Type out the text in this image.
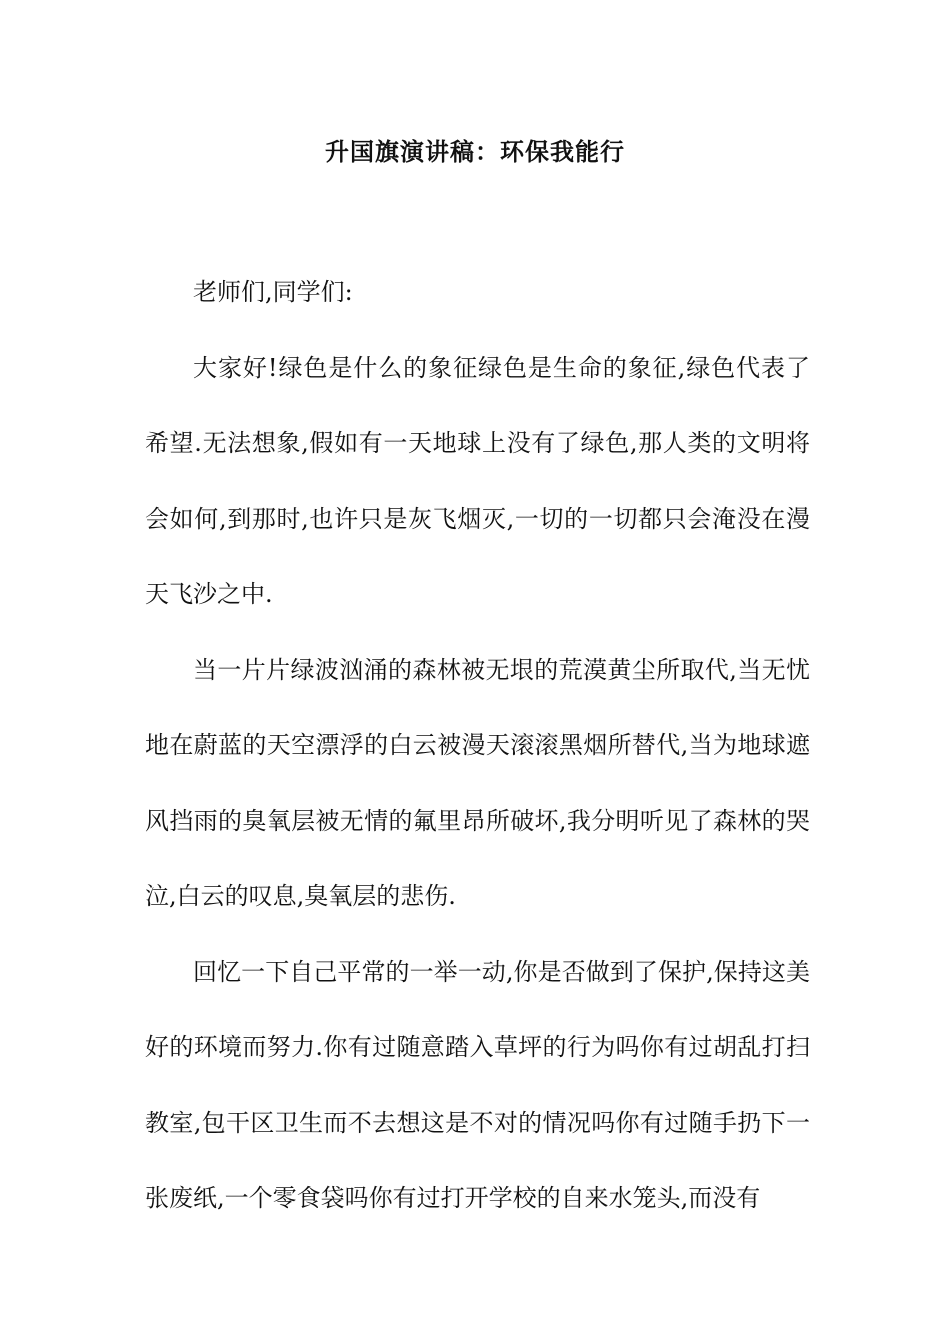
升国旗演讲稿：环保我能行

老师们,同学们:

大家好!绿色是什么的象征绿色是生命的象征,绿色代表了希望.无法想象,假如有一天地球上没有了绿色,那人类的文明将会如何,到那时,也许只是灰飞烟灭,一切的一切都只会淹没在漫天飞沙之中.

当一片片绿波汹涌的森林被无垠的荒漠黄尘所取代,当无忧地在蔚蓝的天空漂浮的白云被漫天滚滚黑烟所替代,当为地球遮风挡雨的臭氧层被无情的氟里昂所破坏,我分明听见了森林的哭泣,白云的叹息,臭氧层的悲伤.

回忆一下自己平常的一举一动,你是否做到了保护,保持这美好的环境而努力.你有过随意踏入草坪的行为吗你有过胡乱打扫教室,包干区卫生而不去想这是不对的情况吗你有过随手扔下一张废纸,一个零食袋吗你有过打开学校的自来水笼头,而没有
